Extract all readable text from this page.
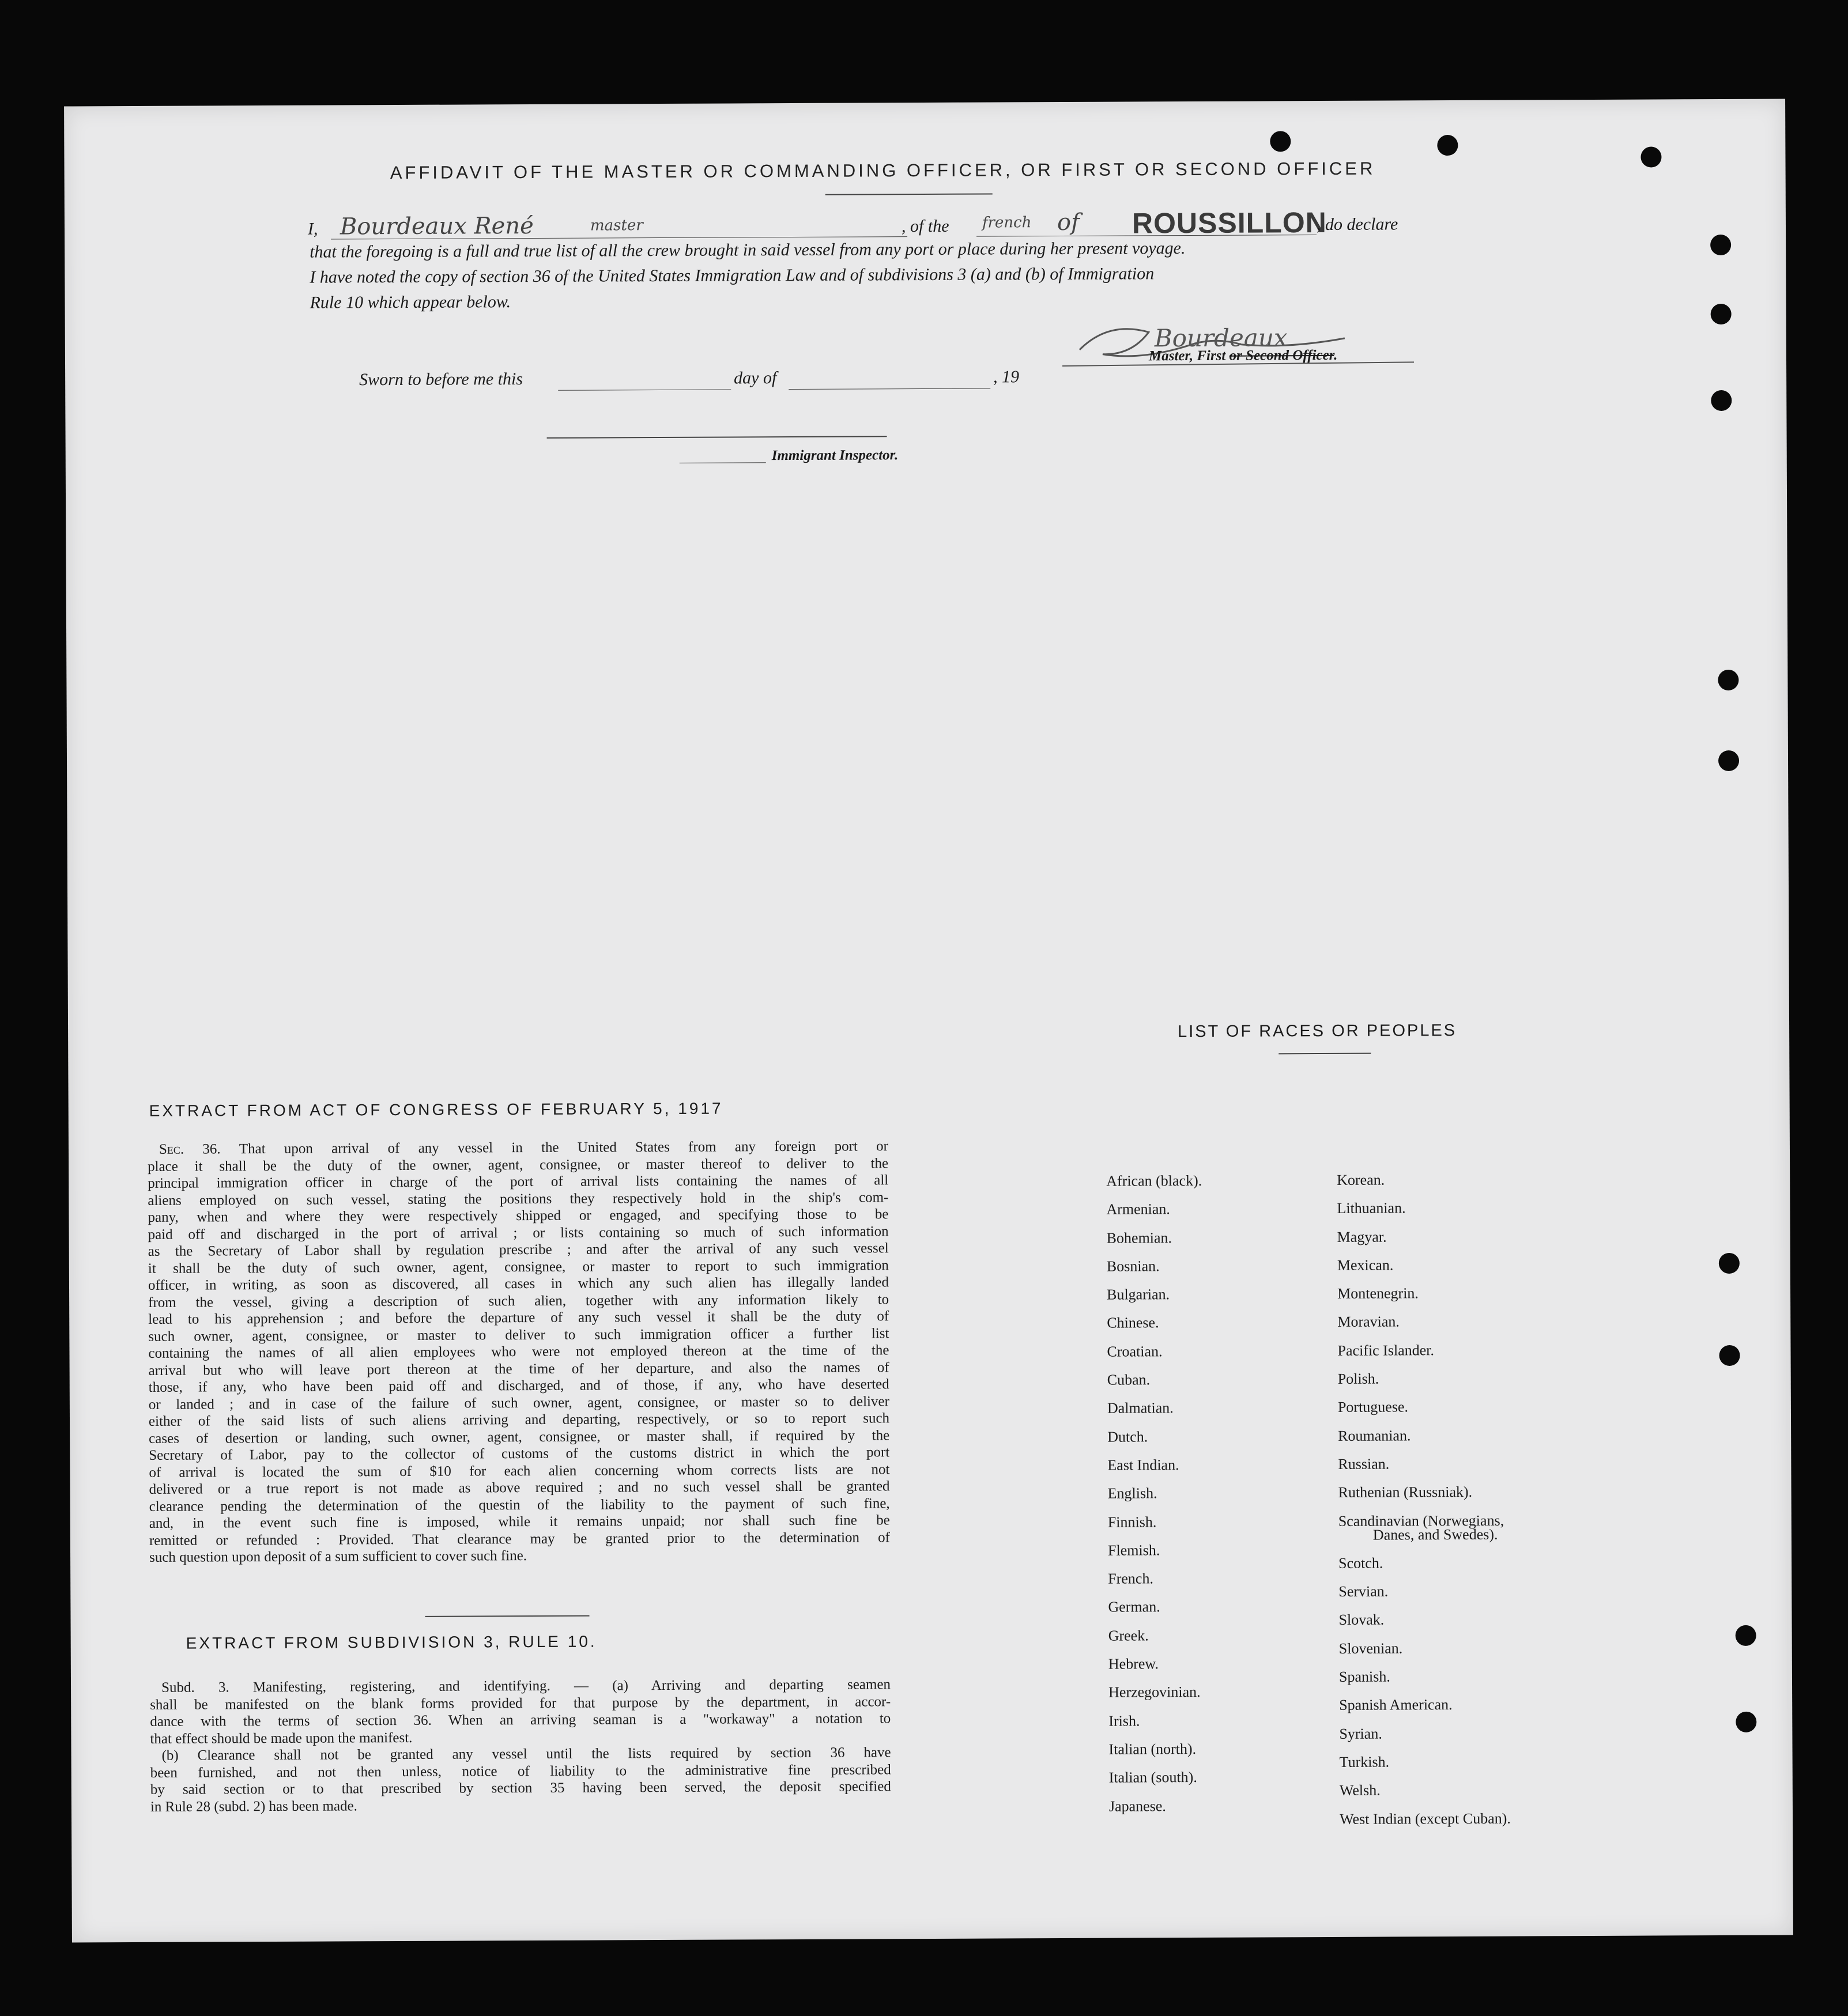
AFFIDAVIT OF THE MASTER OR COMMANDING OFFICER, OR FIRST OR SECOND OFFICER
I, Bourdeaux René	master	, of the french of ROUSSILLON
, do declare
that the foregoing is a full and true list of all the crew brought in said vessel from any port or place during her present voyage.
I have noted the copy of section 36 of the United States Immigration Law and of subdivisions 3 (a) and (b) of Immigration
Rule 10 which appear below.
Bourdeaux
Master, First or Second Officer.
Sworn to before me this	day of	, 19
Immigrant Inspector.
EXTRACT FROM ACT OF CONGRESS OF FEBRUARY 5, 1917
Sec. 36. That upon arrival of any vessel in the United States from any foreign port or
place it shall be the duty of the owner, agent, consignee, or master thereof to deliver to the
principal immigration officer in charge of the port of arrival lists containing the names of all
aliens employed on such vessel, stating the positions they respectively hold in the ship's com-
pany, when and where they were respectively shipped or engaged, and specifying those to be
paid off and discharged in the port of arrival ; or lists containing so much of such information
as the Secretary of Labor shall by regulation prescribe ; and after the arrival of any such vessel
it shall be the duty of such owner, agent, consignee, or master to report to such immigration
officer, in writing, as soon as discovered, all cases in which any such alien has illegally landed
from the vessel, giving a description of such alien, together with any information likely to
lead to his apprehension ; and before the departure of any such vessel it shall be the duty of
such owner, agent, consignee, or master to deliver to such immigration officer a further list
containing the names of all alien employees who were not employed thereon at the time of the
arrival but who will leave port thereon at the time of her departure, and also the names of
those, if any, who have been paid off and discharged, and of those, if any, who have deserted
or landed ; and in case of the failure of such owner, agent, consignee, or master so to deliver
either of the said lists of such aliens arriving and departing, respectively, or so to report such
cases of desertion or landing, such owner, agent, consignee, or master shall, if required by the
Secretary of Labor, pay to the collector of customs of the customs district in which the port
of arrival is located the sum of $10 for each alien concerning whom corrects lists are not
delivered or a true report is not made as above required ; and no such vessel shall be granted
clearance pending the determination of the questin of the liability to the payment of such fine,
and, in the event such fine is imposed, while it remains unpaid; nor shall such fine be
remitted or refunded : Provided. That clearance may be granted prior to the determination of
such question upon deposit of a sum sufficient to cover such fine.
EXTRACT FROM SUBDIVISION 3, RULE 10.
Subd. 3. Manifesting, registering, and identifying. — (a) Arriving and departing seamen
shall be manifested on the blank forms provided for that purpose by the department, in accor-
dance with the terms of section 36. When an arriving seaman is a "workaway" a notation to
that effect should be made upon the manifest.
(b) Clearance shall not be granted any vessel until the lists required by section 36 have
been furnished, and not then unless, notice of liability to the administrative fine prescribed
by said section or to that prescribed by section 35 having been served, the deposit specified
in Rule 28 (subd. 2) has been made.
LIST OF RACES OR PEOPLES
African (black).
Armenian.
Bohemian.
Bosnian.
Bulgarian.
Chinese.
Croatian.
Cuban.
Dalmatian.
Dutch.
East Indian.
English.
Finnish.
Flemish.
French.
German.
Greek.
Hebrew.
Herzegovinian.
Irish.
Italian (north).
Italian (south).
Japanese.
Korean.
Lithuanian.
Magyar.
Mexican.
Montenegrin.
Moravian.
Pacific Islander.
Polish.
Portuguese.
Roumanian.
Russian.
Ruthenian (Russniak).
Scandinavian (Norwegians,
Danes, and Swedes).
Scotch.
Servian.
Slovak.
Slovenian.
Spanish.
Spanish American.
Syrian.
Turkish.
Welsh.
West Indian (except Cuban).
